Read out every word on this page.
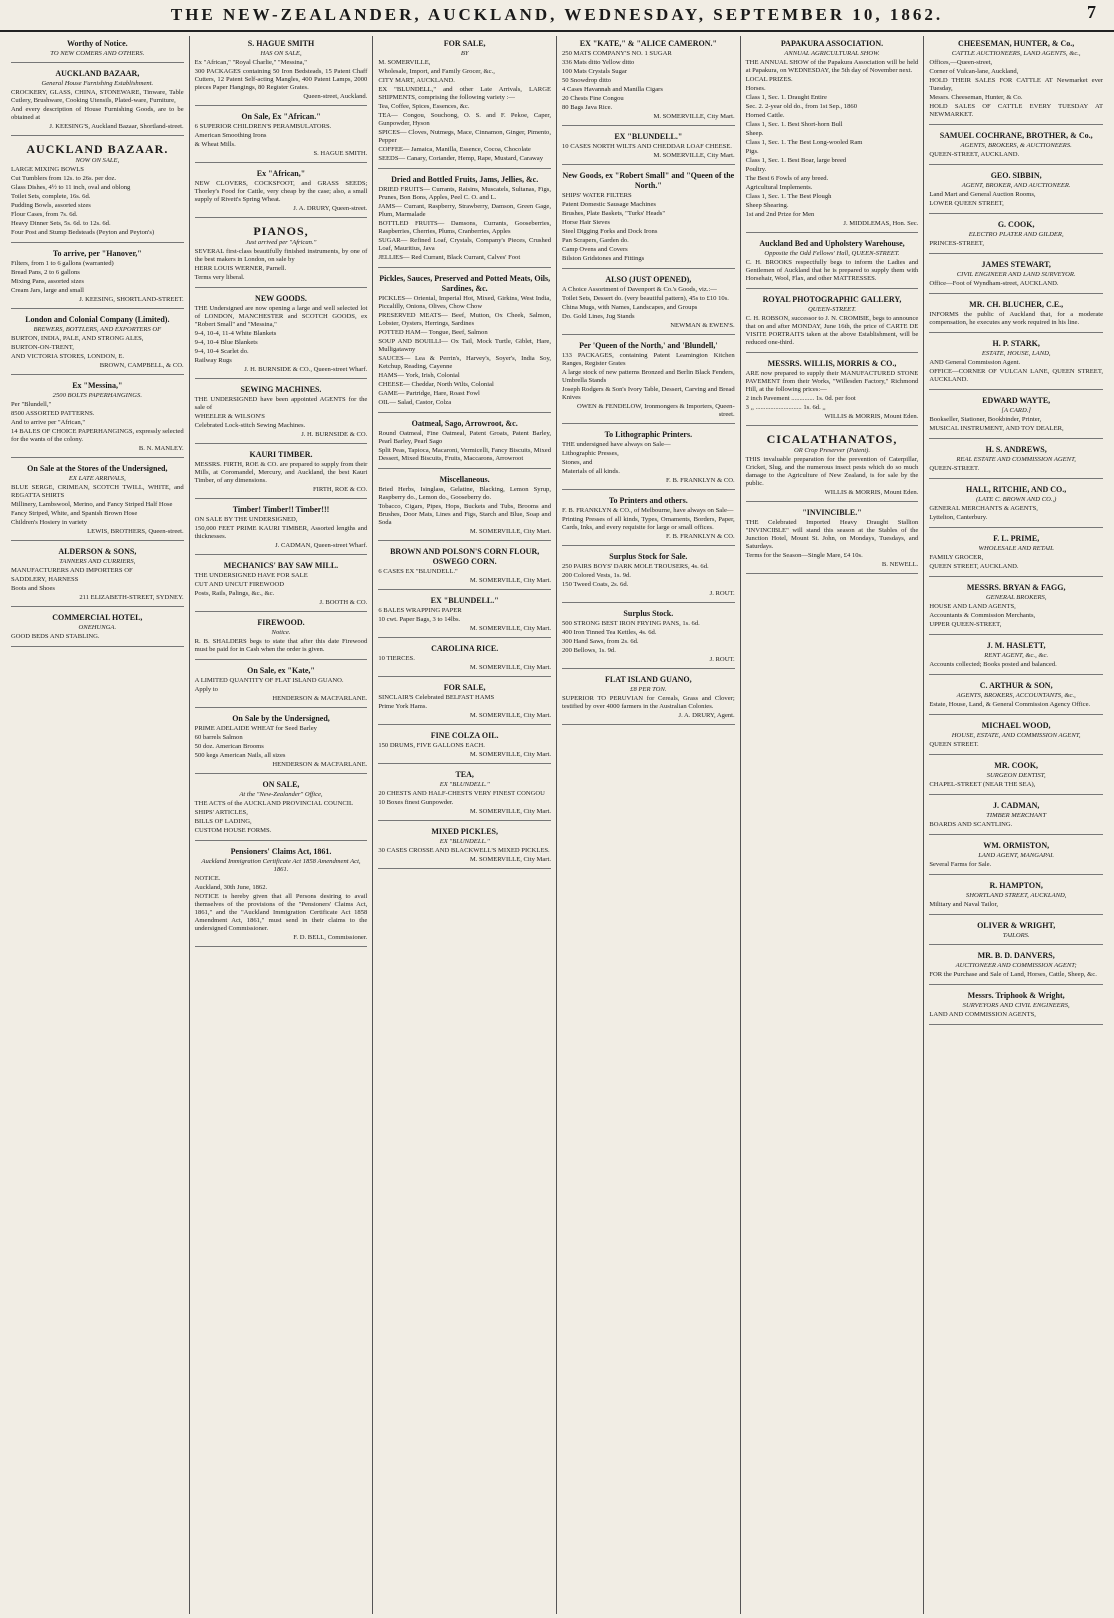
THE NEW-ZEALANDER, AUCKLAND, WEDNESDAY, SEPTEMBER 10, 1862.	7
Worthy of Notice.
TO NEW COMERS AND OTHERS.
AUCKLAND BAZAAR,
General House Furnishing Establishment.
CROCKERY, GLASS, CHINA, STONEWARE, Tinware, Table Cutlery, Brushware, Cooking Utensils, Plated-ware, Furniture,
And every description of House Furnishing Goods, are to be obtained at
J. KEESING'S, Auckland Bazaar, Shortland-street.
AUCKLAND BAZAAR.
NOW ON SALE,
LARGE MIXING BOWLS
Cut Tumblers from 12s. to 26s. per doz.
Glass Dishes, 4½ to 11 inch, oval and oblong
Toilet Sets, complete, 16s. 6d.
Pudding Bowls, assorted sizes
Flour Cases, from 7s. 6d.
Heavy Dinner Sets, 5s. 6d. to 12s. 6d.
Four Post and Stump Bedsteads (Peyton and Peyton's)
To arrive, per "Hanover,"
Filters, from 1 to 6 gallons (warranted)
Bread Pans, 2 to 6 gallons
Mixing Pans, assorted sizes
Cream Jars, large and small
J. KEESING, SHORTLAND-STREET.
London and Colonial Company (Limited).
BREWERS, BOTTLERS, AND EXPORTERS OF
BURTON, INDIA, PALE, AND STRONG ALES,
BURTON-ON-TRENT,
AND VICTORIA STORES, LONDON, E.
BROWN, CAMPBELL, & CO.
Ex "Messina,"
2500 BOLTS PAPERHANGINGS.
Per "Blundell,"
8500 ASSORTED PATTERNS.
And to arrive per "African,"
14 BALES OF CHOICE PAPERHANGINGS, expressly selected for the wants of the colony.
B. N. MANLEY.
On Sale at the Stores of the Undersigned,
EX LATE ARRIVALS,
BLUE SERGE, CRIMEAN, SCOTCH TWILL, WHITE, and REGATTA SHIRTS
Millinery, Lambswool, Merino, and Fancy Striped Half Hose
Fancy Striped, White, and Spanish Brown Hose
Children's Hosiery in variety
LEWIS, BROTHERS, Queen-street.
ALDERSON & SONS,
TANNERS AND CURRIERS,
MANUFACTURERS AND IMPORTERS OF
SADDLERY, HARNESS
Boots and Shoes
211 ELIZABETH-STREET, SYDNEY.
COMMERCIAL HOTEL,
ONEHUNGA.
GOOD BEDS AND STABLING.
S. HAGUE SMITH
HAS ON SALE,
Ex "African," "Royal Charlie," "Messina,"
300 PACKAGES containing 50 Iron Bedsteads, 15 Patent Chaff Cutters, 12 Patent Self-acting Mangles, 400 Patent Lamps, 2000 pieces Paper Hangings, 80 Register Grates.
Queen-street, Auckland.
On Sale, Ex "African."
6 SUPERIOR CHILDREN'S PERAMBULATORS.
American Smoothing Irons
& Wheat Mills.
S. HAGUE SMITH.
Ex "African,"
NEW CLOVERS, COCKSFOOT, and GRASS SEEDS; Thorley's Food for Cattle, very cheap by the case; also, a small supply of Rivett's Spring Wheat.
J. A. DRURY, Queen-street.
PIANOS,
Just arrived per "African."
SEVERAL first-class beautifully finished instruments, by one of the best makers in London, on sale by
HERR LOUIS WERNER, Parnell.
Terms very liberal.
NEW GOODS.
THE Undersigned are now opening a large and well selected lot of LONDON, MANCHESTER and SCOTCH GOODS, ex "Robert Small" and "Messina,"
9-4, 10-4, 11-4 White Blankets
9-4, 10-4 Blue Blankets
9-4, 10-4 Scarlet do.
Railway Rugs
J. H. BURNSIDE & CO., Queen-street Wharf.
SEWING MACHINES.
THE UNDERSIGNED have been appointed AGENTS for the sale of
WHEELER & WILSON'S
Celebrated Lock-stitch Sewing Machines.
J. H. BURNSIDE & CO.
KAURI TIMBER.
MESSRS. FIRTH, ROE & CO. are prepared to supply from their Mills, at Coromandel, Mercury, and Auckland, the best Kauri Timber, of any dimensions.
FIRTH, ROE & CO.
Timber! Timber!! Timber!!!
ON SALE BY THE UNDERSIGNED,
150,000 FEET PRIME KAURI TIMBER, Assorted lengths and thicknesses.
J. CADMAN, Queen-street Wharf.
MECHANICS' BAY SAW MILL.
THE UNDERSIGNED HAVE FOR SALE
CUT AND UNCUT FIREWOOD
Posts, Rails, Palings, &c., &c.
J. BOOTH & CO.
FIREWOOD.
Notice.
R. B. SHALDERS begs to state that after this date Firewood must be paid for in Cash when the order is given.
On Sale, ex "Kate,"
A LIMITED QUANTITY OF FLAT ISLAND GUANO.
Apply to
HENDERSON & MACFARLANE.
On Sale by the Undersigned,
PRIME ADELAIDE WHEAT for Seed Barley
60 barrels Salmon
50 doz. American Brooms
500 kegs American Nails, all sizes
HENDERSON & MACFARLANE.
ON SALE,
At the "New-Zealander" Office,
THE ACTS of the AUCKLAND PROVINCIAL COUNCIL
SHIPS' ARTICLES,
BILLS OF LADING,
CUSTOM HOUSE FORMS.
Pensioners' Claims Act, 1861.
Auckland Immigration Certificate Act 1858 Amendment Act, 1861.
NOTICE.
Auckland, 30th June, 1862.
NOTICE is hereby given that all Persons desiring to avail themselves of the provisions of the "Pensioners' Claims Act, 1861," and the "Auckland Immigration Certificate Act 1858 Amendment Act, 1861," must send in their claims to the undersigned Commissioner.
F. D. BELL, Commissioner.
FOR SALE,
BY
M. SOMERVILLE,
Wholesale, Import, and Family Grocer, &c.,
CITY MART, AUCKLAND.
EX "BLUNDELL," and other Late Arrivals, LARGE SHIPMENTS, comprising the following variety :—
Tea, Coffee, Spices, Essences, &c.
TEA— Congou, Souchong, O. S. and F. Pekoe, Caper, Gunpowder, Hyson
SPICES— Cloves, Nutmegs, Mace, Cinnamon, Ginger, Pimento, Pepper
COFFEE— Jamaica, Manilla, Essence, Cocoa, Chocolate
SEEDS— Canary, Coriander, Hemp, Rape, Mustard, Caraway
Dried and Bottled Fruits, Jams, Jellies, &c.
DRIED FRUITS— Currants, Raisins, Muscatels, Sultanas, Figs, Prunes, Bon Bons, Apples, Peel C. O. and L.
JAMS— Currant, Raspberry, Strawberry, Damson, Green Gage, Plum, Marmalade
BOTTLED FRUITS— Damsons, Currants, Gooseberries, Raspberries, Cherries, Plums, Cranberries, Apples
SUGAR— Refined Loaf, Crystals, Company's Pieces, Crushed Loaf, Mauritius, Java
JELLIES— Red Currant, Black Currant, Calves' Foot
Pickles, Sauces, Preserved and Potted Meats, Oils, Sardines, &c.
PICKLES— Oriental, Imperial Hot, Mixed, Girkins, West India, Piccalilly, Onions, Olives, Chow Chow
PRESERVED MEATS— Beef, Mutton, Ox Cheek, Salmon, Lobster, Oysters, Herrings, Sardines
POTTED HAM— Tongue, Beef, Salmon
SOUP AND BOUILLI— Ox Tail, Mock Turtle, Giblet, Hare, Mulligatawny
SAUCES— Lea & Perrin's, Harvey's, Soyer's, India Soy, Ketchup, Reading, Cayenne
HAMS— York, Irish, Colonial
CHEESE— Cheddar, North Wilts, Colonial
GAME— Partridge, Hare, Roast Fowl
OIL— Salad, Castor, Colza
Oatmeal, Sago, Arrowroot, &c.
Round Oatmeal, Fine Oatmeal, Patent Groats, Patent Barley, Pearl Barley, Pearl Sago
Split Peas, Tapioca, Macaroni, Vermicelli, Fancy Biscuits, Mixed Dessert, Mixed Biscuits, Fruits, Maccarons, Arrowroot
Miscellaneous.
Bried Herbs, Isinglass, Gelatine, Blacking, Lemon Syrup, Raspberry do., Lemon do., Gooseberry do.
Tobacco, Cigars, Pipes, Hops, Buckets and Tubs, Brooms and Brushes, Door Mats, Lines and Figs, Starch and Blue, Soap and Soda
M. SOMERVILLE, City Mart.
BROWN AND POLSON'S CORN FLOUR, OSWEGO CORN.
6 CASES EX "BLUNDELL."
M. SOMERVILLE, City Mart.
EX "BLUNDELL."
6 BALES WRAPPING PAPER
10 cwt. Paper Bags, 3 to 14lbs.
M. SOMERVILLE, City Mart.
CAROLINA RICE.
10 TIERCES.
M. SOMERVILLE, City Mart.
FOR SALE,
SINCLAIR'S Celebrated BELFAST HAMS
Prime York Hams.
M. SOMERVILLE, City Mart.
FINE COLZA OIL.
150 DRUMS, FIVE GALLONS EACH.
M. SOMERVILLE, City Mart.
TEA,
EX "BLUNDELL."
20 CHESTS AND HALF-CHESTS VERY FINEST CONGOU
10 Boxes finest Gunpowder.
M. SOMERVILLE, City Mart.
MIXED PICKLES,
EX "BLUNDELL."
30 CASES CROSSE AND BLACKWELL'S MIXED PICKLES.
M. SOMERVILLE, City Mart.
EX "KATE," & "ALICE CAMERON."
250 MATS COMPANY'S NO. 1 SUGAR
336 Mats ditto Yellow ditto
100 Mats Crystals Sugar
50 Snowdrop ditto
4 Cases Havannah and Manilla Cigars
20 Chests Fine Congou
80 Bags Java Rice.
M. SOMERVILLE, City Mart.
EX "BLUNDELL."
10 CASES NORTH WILTS AND CHEDDAR LOAF CHEESE.
M. SOMERVILLE, City Mart.
New Goods, ex "Robert Small" and "Queen of the North."
SHIPS' WATER FILTERS
Patent Domestic Sausage Machines
Brushes, Plate Baskets, "Turks' Heads"
Horse Hair Sieves
Steel Digging Forks and Dock Irons
Pan Scrapers, Garden do.
Camp Ovens and Covers
Bilston Gridstones and Fittings
ALSO (JUST OPENED),
A Choice Assortment of Davenport & Co.'s Goods, viz.:—
Toilet Sets, Dessert do. (very beautiful pattern), 45s to £10 10s.
China Mugs, with Names, Landscapes, and Groups
Do. Gold Lines, Jug Stands
NEWMAN & EWEN'S.
Per 'Queen of the North,' and 'Blundell,'
133 PACKAGES, containing Patent Leamington Kitchen Ranges, Register Grates
A large stock of new patterns Bronzed and Berlin Black Fenders, Umbrella Stands
Joseph Rodgers & Son's Ivory Table, Dessert, Carving and Bread Knives
OWEN & FENDELOW, Ironmongers & Importers, Queen-street.
To Lithographic Printers.
THE undersigned have always on Sale—
Lithographic Presses,
Stones, and
Materials of all kinds.
F. B. FRANKLYN & CO.
To Printers and others.
F. B. FRANKLYN & CO., of Melbourne, have always on Sale—
Printing Presses of all kinds, Types, Ornaments, Borders, Paper, Cards, Inks, and every requisite for large or small offices.
F. B. FRANKLYN & CO.
Surplus Stock for Sale.
250 PAIRS BOYS' DARK MOLE TROUSERS, 4s. 6d.
200 Colored Vests, 1s. 9d.
150 Tweed Coats, 2s. 6d.
J. ROUT.
Surplus Stock.
500 STRONG BEST IRON FRYING PANS, 1s. 6d.
400 Iron Tinned Tea Kettles, 4s. 6d.
300 Hand Saws, from 2s. 6d.
200 Bellows, 1s. 9d.
J. ROUT.
FLAT ISLAND GUANO,
£8 PER TON.
SUPERIOR TO PERUVIAN for Cereals, Grass and Clover; testified by over 4000 farmers in the Australian Colonies.
J. A. DRURY, Agent.
PAPAKURA ASSOCIATION.
ANNUAL AGRICULTURAL SHOW.
THE ANNUAL SHOW of the Papakura Association will be held at Papakura, on WEDNESDAY, the 5th day of November next.
LOCAL PRIZES.
Horses.
Class 1, Sec. 1. Draught Entire
Sec. 2. 2-year old do., from 1st Sep., 1860
Horned Cattle.
Class 1, Sec. 1. Best Short-horn Bull
Sheep.
Class 1, Sec. 1. The Best Long-wooled Ram
Pigs.
Class 1, Sec. 1. Best Boar, large breed
Poultry.
The Best 6 Fowls of any breed.
Agricultural Implements.
Class 1, Sec. 1. The Best Plough
Sheep Shearing.
1st and 2nd Prize for Men
J. MIDDLEMAS, Hon. Sec.
Auckland Bed and Upholstery Warehouse,
Opposite the Odd Fellows' Hall, QUEEN-STREET.
C. H. BROOKS respectfully begs to inform the Ladies and Gentlemen of Auckland that he is prepared to supply them with Horsehair, Wool, Flax, and other MATTRESSES.
ROYAL PHOTOGRAPHIC GALLERY,
QUEEN-STREET.
C. H. ROBSON, successor to J. N. CROMBIE, begs to announce that on and after MONDAY, June 16th, the price of CARTE DE VISITE PORTRAITS taken at the above Establishment, will be reduced one-third.
MESSRS. WILLIS, MORRIS & CO.,
ARE now prepared to supply their MANUFACTURED STONE PAVEMENT from their Works, "Willesden Factory," Richmond Hill, at the following prices:—
2 inch Pavement .............. 1s. 0d. per foot
3 ,, ............................ 1s. 6d. ,,
WILLIS & MORRIS, Mount Eden.
CICALATHANATOS,
OR Crop Preserver (Patent).
THIS invaluable preparation for the prevention of Caterpillar, Cricket, Slug, and the numerous insect pests which do so much damage to the Agriculture of New Zealand, is for sale by the public.
WILLIS & MORRIS, Mount Eden.
"INVINCIBLE."
THE Celebrated Imported Heavy Draught Stallion "INVINCIBLE" will stand this season at the Stables of the Junction Hotel, Mount St. John, on Mondays, Tuesdays, and Saturdays.
Terms for the Season—Single Mare, £4 10s.
B. NEWELL.
CHEESEMAN, HUNTER, & Co.,
CATTLE AUCTIONEERS, LAND AGENTS, &c.,
Offices,—Queen-street,
Corner of Vulcan-lane, Auckland,
HOLD THEIR SALES FOR CATTLE AT Newmarket ever Tuesday,
Messrs. Cheeseman, Hunter, & Co.
HOLD SALES OF CATTLE EVERY TUESDAY AT NEWMARKET.
SAMUEL COCHRANE, BROTHER, & Co.,
AGENTS, BROKERS, & AUCTIONEERS.
QUEEN-STREET, AUCKLAND.
GEO. SIBBIN,
AGENT, BROKER, AND AUCTIONEER.
Land Mart and General Auction Rooms,
LOWER QUEEN STREET,
G. COOK,
ELECTRO PLATER AND GILDER,
PRINCES-STREET,
JAMES STEWART,
CIVIL ENGINEER AND LAND SURVEYOR.
Office—Foot of Wyndham-street, AUCKLAND.
MR. CH. BLUCHER, C.E.,
INFORMS the public of Auckland that, for a moderate compensation, he executes any work required in his line.
H. P. STARK,
ESTATE, HOUSE, LAND,
AND General Commission Agent.
OFFICE—CORNER OF VULCAN LANE, QUEEN STREET, AUCKLAND.
EDWARD WAYTE,
[A CARD.]
Bookseller, Stationer, Bookbinder, Printer,
MUSICAL INSTRUMENT, AND TOY DEALER,
H. S. ANDREWS,
REAL ESTATE AND COMMISSION AGENT,
QUEEN-STREET.
HALL, RITCHIE, AND CO.,
(LATE C. BROWN AND CO.,)
GENERAL MERCHANTS & AGENTS,
Lyttelton, Canterbury.
F. L. PRIME,
WHOLESALE AND RETAIL
FAMILY GROCER,
QUEEN STREET, AUCKLAND.
MESSRS. BRYAN & FAGG,
GENERAL BROKERS,
HOUSE AND LAND AGENTS,
Accountants & Commission Merchants,
UPPER QUEEN-STREET,
J. M. HASLETT,
RENT AGENT, &c., &c.
Accounts collected; Books posted and balanced.
C. ARTHUR & SON,
AGENTS, BROKERS, ACCOUNTANTS, &c.,
Estate, House, Land, & General Commission Agency Office.
MICHAEL WOOD,
HOUSE, ESTATE, AND COMMISSION AGENT,
QUEEN STREET.
MR. COOK,
SURGEON DENTIST,
CHAPEL-STREET (NEAR THE SEA),
J. CADMAN,
TIMBER MERCHANT
BOARDS AND SCANTLING.
WM. ORMISTON,
LAND AGENT, MANGAPAI.
Several Farms for Sale.
R. HAMPTON,
SHORTLAND STREET, AUCKLAND,
Military and Naval Tailor,
OLIVER & WRIGHT,
TAILORS.
MR. B. D. DANVERS,
AUCTIONEER AND COMMISSION AGENT;
FOR the Purchase and Sale of Land, Horses, Cattle, Sheep, &c.
Messrs. Triphook & Wright,
SURVEYORS AND CIVIL ENGINEERS,
LAND AND COMMISSION AGENTS,
